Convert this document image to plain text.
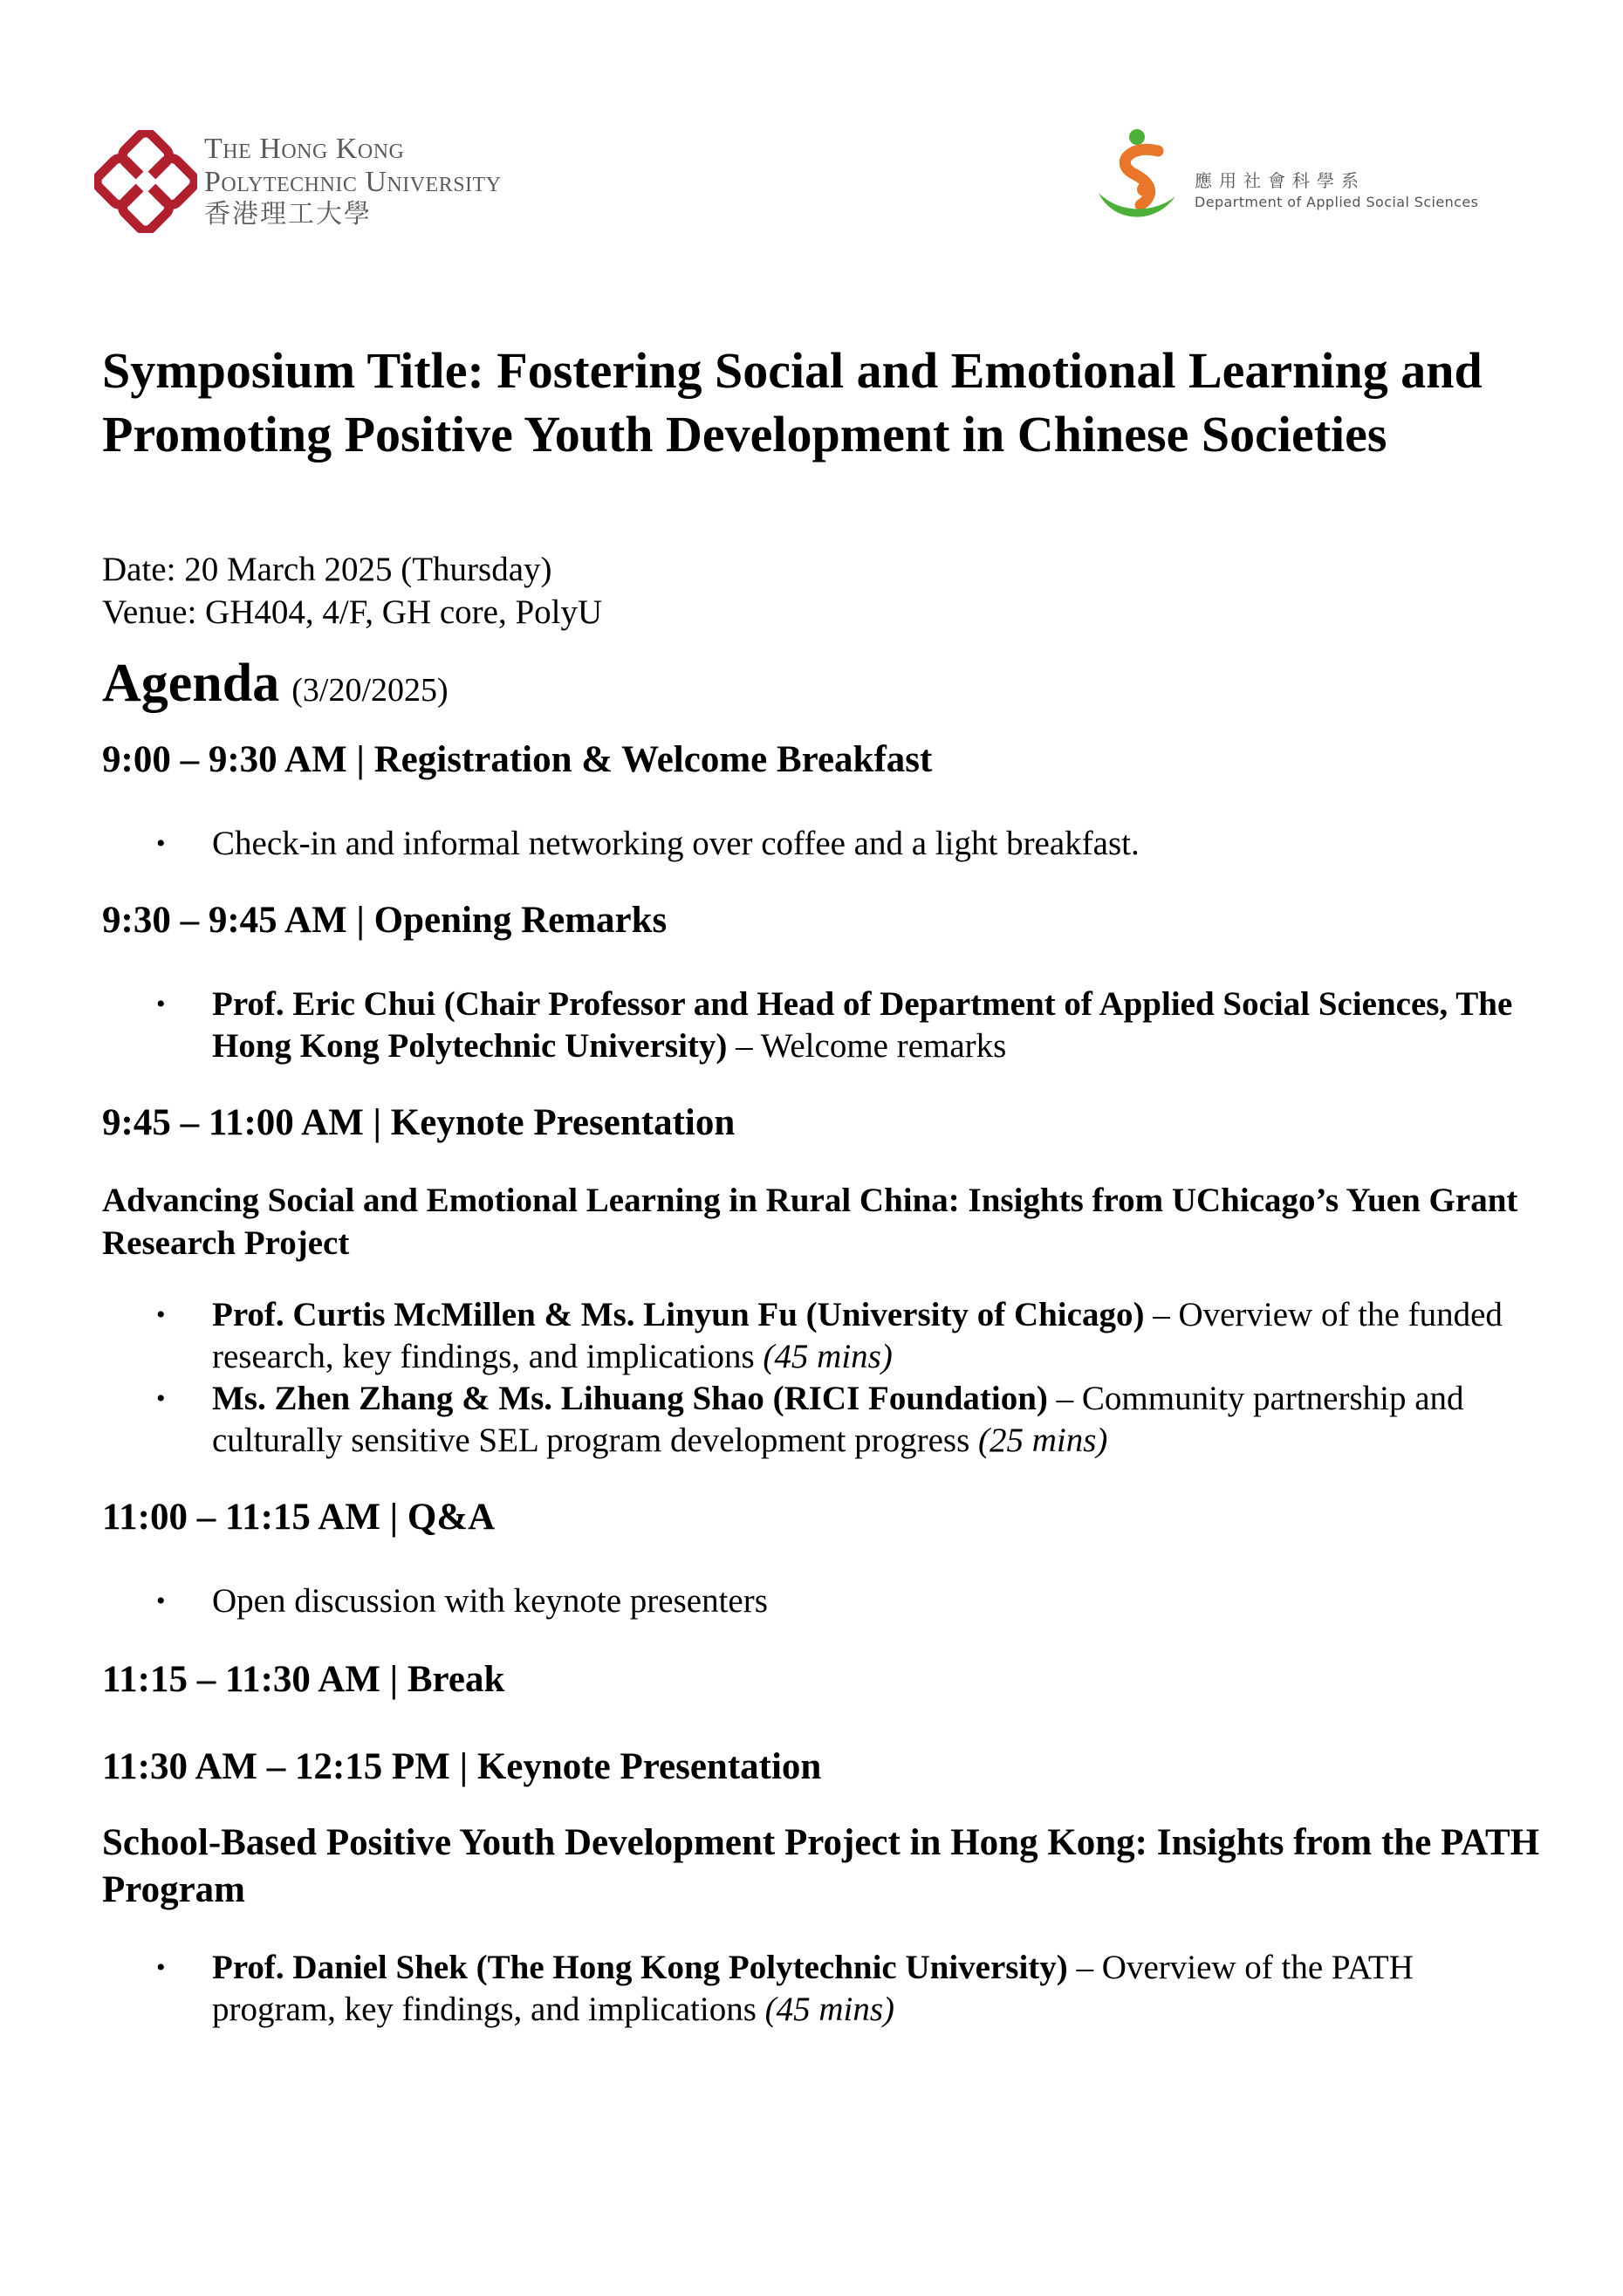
The Hong Kong
Polytechnic University
香港理工大學
應用社會科學系
Department of Applied Social Sciences
Symposium Title: Fostering Social and Emotional Learning and Promoting Positive Youth Development in Chinese Societies
Date: 20 March 2025 (Thursday)
Venue: GH404, 4/F, GH core, PolyU
Agenda (3/20/2025)
9:00 – 9:30 AM | Registration & Welcome Breakfast
• Check-in and informal networking over coffee and a light breakfast.
9:30 – 9:45 AM | Opening Remarks
• Prof. Eric Chui (Chair Professor and Head of Department of Applied Social Sciences, The Hong Kong Polytechnic University) – Welcome remarks
9:45 – 11:00 AM | Keynote Presentation
Advancing Social and Emotional Learning in Rural China: Insights from UChicago’s Yuen Grant Research Project
• Prof. Curtis McMillen & Ms. Linyun Fu (University of Chicago) – Overview of the funded research, key findings, and implications (45 mins)
• Ms. Zhen Zhang & Ms. Lihuang Shao (RICI Foundation) – Community partnership and culturally sensitive SEL program development progress (25 mins)
11:00 – 11:15 AM | Q&A
• Open discussion with keynote presenters
11:15 – 11:30 AM | Break
11:30 AM – 12:15 PM | Keynote Presentation
School-Based Positive Youth Development Project in Hong Kong: Insights from the PATH Program
• Prof. Daniel Shek (The Hong Kong Polytechnic University) – Overview of the PATH program, key findings, and implications (45 mins)
